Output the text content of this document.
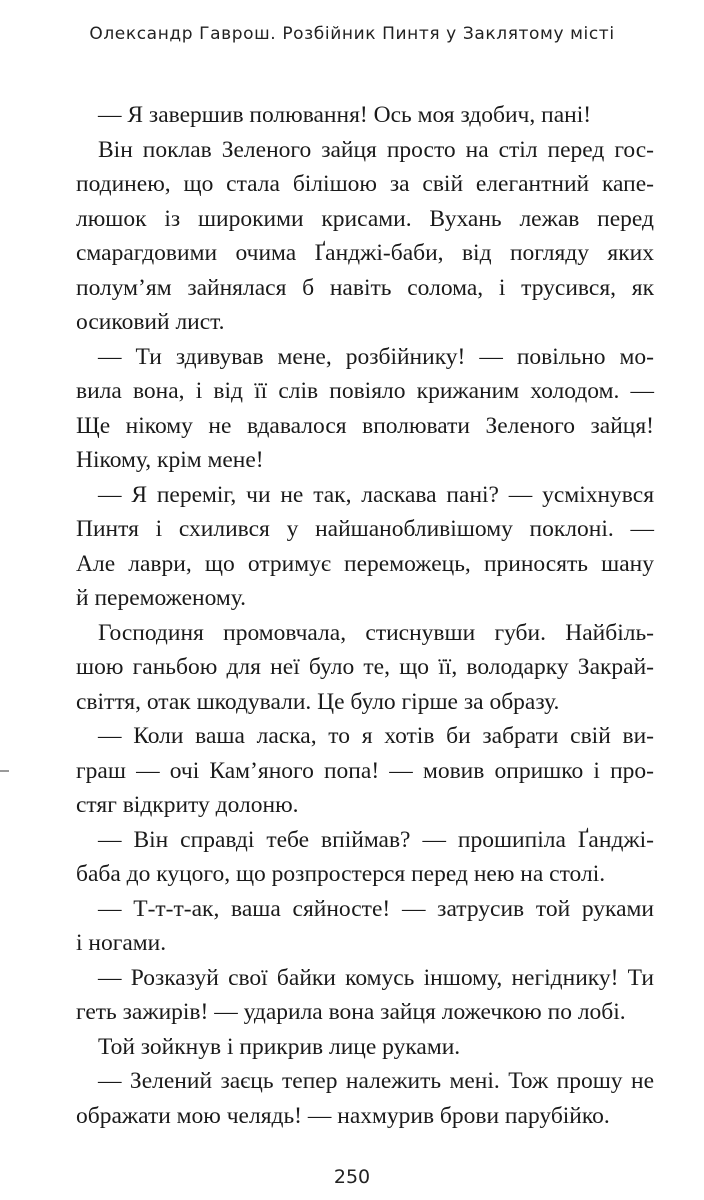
Олександр Гаврош. Розбійник Пинтя у Заклятому місті
— Я завершив полювання! Ось моя здобич, пані!
Він поклав Зеленого зайця просто на стіл перед гос-
подинею, що стала білішою за свій елегантний капе-
люшок із широкими крисами. Вухань лежав перед
смарагдовими очима Ґанджі-баби, від погляду яких
полум’ям зайнялася б навіть солома, і трусився, як
осиковий лист.
— Ти здивував мене, розбійнику! — повільно мо-
вила вона, і від її слів повіяло крижаним холодом. —
Ще нікому не вдавалося вполювати Зеленого зайця!
Нікому, крім мене!
— Я переміг, чи не так, ласкава пані? — усміхнувся
Пинтя і схилився у найшанобливішому поклоні. —
Але лаври, що отримує переможець, приносять шану
й переможеному.
Господиня промовчала, стиснувши губи. Найбіль-
шою ганьбою для неї було те, що її, володарку Закрай-
свіття, отак шкодували. Це було гірше за образу.
— Коли ваша ласка, то я хотів би забрати свій ви-
граш — очі Кам’яного попа! — мовив опришко і про-
стяг відкриту долоню.
— Він справді тебе впіймав? — прошипіла Ґанджі-
баба до куцого, що розпростерся перед нею на столі.
— Т-т-т-ак, ваша сяйносте! — затрусив той руками
і ногами.
— Розказуй свої байки комусь іншому, негіднику! Ти
геть зажирів! — ударила вона зайця ложечкою по лобі.
Той зойкнув і прикрив лице руками.
— Зелений заєць тепер належить мені. Тож прошу не
ображати мою челядь! — нахмурив брови парубійко.
250
